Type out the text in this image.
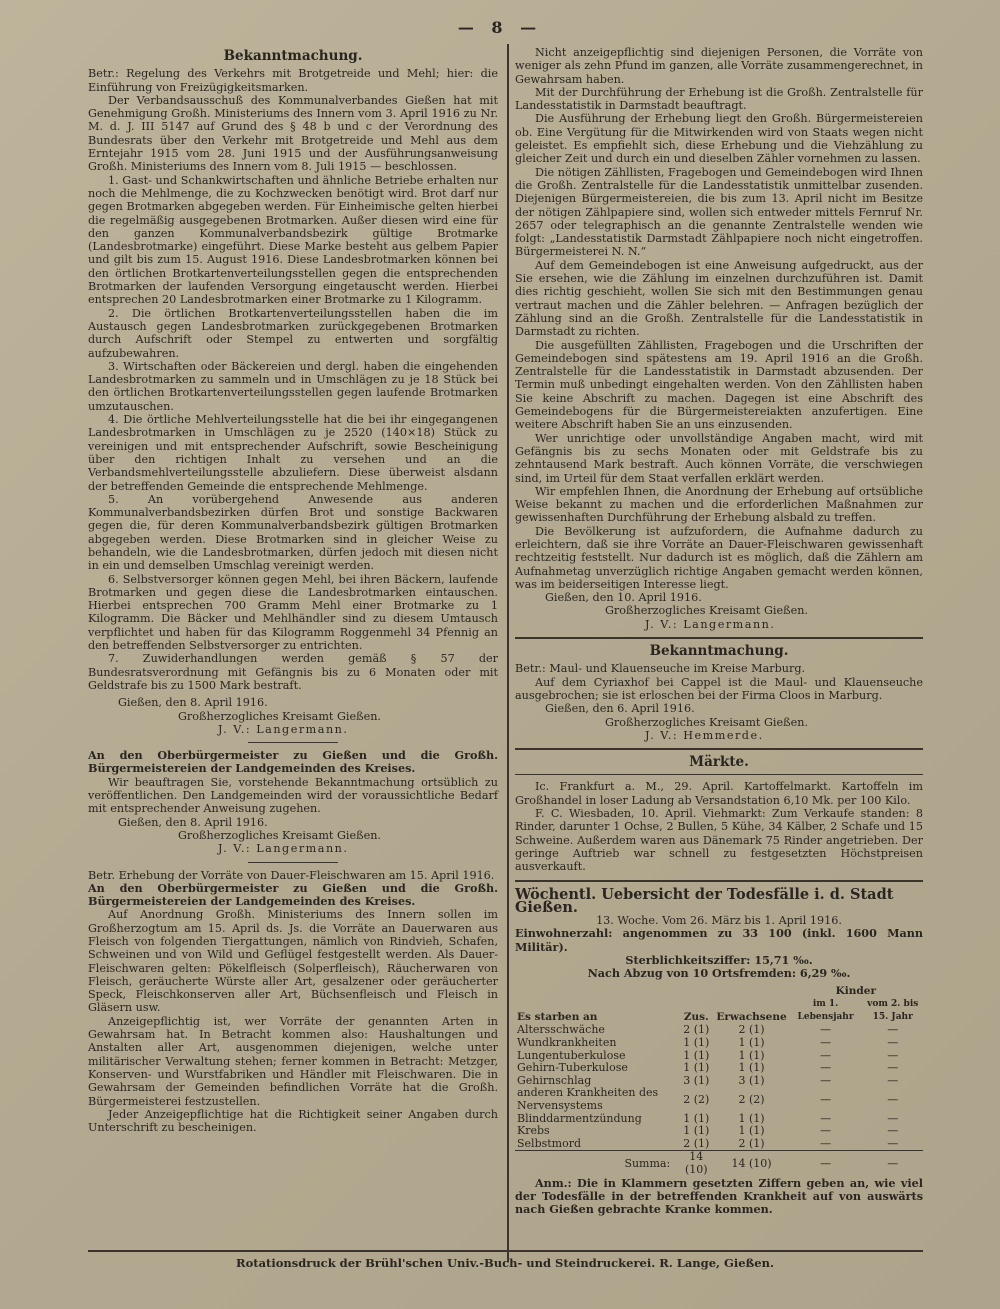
— 8 —
Bekanntmachung.

Betr.: Regelung des Verkehrs mit Brotgetreide und Mehl; hier: die Einführung von Freizügigkeitsmarken.

Der Verbandsausschuß des Kommunalverbandes Gießen hat mit Genehmigung Großh. Ministeriums des Innern vom 3. April 1916 zu Nr. M. d. J. III 5147 auf Grund des § 48 b und c der Verordnung des Bundesrats über den Verkehr mit Brotgetreide und Mehl aus dem Erntejahr 1915 vom 28. Juni 1915 und der Ausführungsanweisung Großh. Ministeriums des Innern vom 8. Juli 1915 — beschlossen.

1. Gast- und Schankwirtschaften und ähnliche Betriebe erhalten nur noch die Mehlmenge, die zu Kochzwecken benötigt wird. Brot darf nur gegen Brotmarken abgegeben werden. Für Einheimische gelten hierbei die regelmäßig ausgegebenen Brotmarken. Außer diesen wird eine für den ganzen Kommunalverbandsbezirk gültige Brotmarke (Landesbrotmarke) eingeführt. Diese Marke besteht aus gelbem Papier und gilt bis zum 15. August 1916. Diese Landesbrotmarken können bei den örtlichen Brotkartenverteilungsstellen gegen die entsprechenden Brotmarken der laufenden Versorgung eingetauscht werden. Hierbei entsprechen 20 Landesbrotmarken einer Brotmarke zu 1 Kilogramm.

2. Die örtlichen Brotkartenverteilungsstellen haben die im Austausch gegen Landesbrotmarken zurückgegebenen Brotmarken durch Aufschrift oder Stempel zu entwerten und sorgfältig aufzubewahren.

3. Wirtschaften oder Bäckereien und dergl. haben die eingehenden Landesbrotmarken zu sammeln und in Umschlägen zu je 18 Stück bei den örtlichen Brotkartenverteilungsstellen gegen laufende Brotmarken umzutauschen.

4. Die örtliche Mehlverteilungsstelle hat die bei ihr eingegangenen Landesbrotmarken in Umschlägen zu je 2520 (140×18) Stück zu vereinigen und mit entsprechender Aufschrift, sowie Bescheinigung über den richtigen Inhalt zu versehen und an die Verbandsmehlverteilungsstelle abzuliefern. Diese überweist alsdann der betreffenden Gemeinde die entsprechende Mehlmenge.

5. An vorübergehend Anwesende aus anderen Kommunalverbandsbezirken dürfen Brot und sonstige Backwaren gegen die, für deren Kommunalverbandsbezirk gültigen Brotmarken abgegeben werden. Diese Brotmarken sind in gleicher Weise zu behandeln, wie die Landesbrotmarken, dürfen jedoch mit diesen nicht in ein und demselben Umschlag vereinigt werden.

6. Selbstversorger können gegen Mehl, bei ihren Bäckern, laufende Brotmarken und gegen diese die Landesbrotmarken eintauschen. Hierbei entsprechen 700 Gramm Mehl einer Brotmarke zu 1 Kilogramm. Die Bäcker und Mehlhändler sind zu diesem Umtausch verpflichtet und haben für das Kilogramm Roggenmehl 34 Pfennig an den betreffenden Selbstversorger zu entrichten.

7. Zuwiderhandlungen werden gemäß § 57 der Bundesratsverordnung mit Gefängnis bis zu 6 Monaten oder mit Geldstrafe bis zu 1500 Mark bestraft.

Gießen, den 8. April 1916.

Großherzogliches Kreisamt Gießen.

J. V.: Langermann.

An den Oberbürgermeister zu Gießen und die Großh. Bürgermeistereien der Landgemeinden des Kreises.

Wir beauftragen Sie, vorstehende Bekanntmachung ortsüblich zu veröffentlichen. Den Landgemeinden wird der voraussichtliche Bedarf mit entsprechender Anweisung zugehen.

Gießen, den 8. April 1916.

Großherzogliches Kreisamt Gießen.

J. V.: Langermann.

Betr. Erhebung der Vorräte von Dauer-Fleischwaren am 15. April 1916.

An den Oberbürgermeister zu Gießen und die Großh. Bürgermeistereien der Landgemeinden des Kreises.

Auf Anordnung Großh. Ministeriums des Innern sollen im Großherzogtum am 15. April ds. Js. die Vorräte an Dauerwaren aus Fleisch von folgenden Tiergattungen, nämlich von Rindvieh, Schafen, Schweinen und von Wild und Geflügel festgestellt werden. Als Dauer-Fleischwaren gelten: Pökelfleisch (Solperfleisch), Räucherwaren von Fleisch, geräucherte Würste aller Art, gesalzener oder geräucherter Speck, Fleischkonserven aller Art, Büchsenfleisch und Fleisch in Gläsern usw.

Anzeigepflichtig ist, wer Vorräte der genannten Arten in Gewahrsam hat. In Betracht kommen also: Haushaltungen und Anstalten aller Art, ausgenommen diejenigen, welche unter militärischer Verwaltung stehen; ferner kommen in Betracht: Metzger, Konserven- und Wurstfabriken und Händler mit Fleischwaren. Die in Gewahrsam der Gemeinden befindlichen Vorräte hat die Großh. Bürgermeisterei festzustellen.

Jeder Anzeigepflichtige hat die Richtigkeit seiner Angaben durch Unterschrift zu bescheinigen.

Nicht anzeigepflichtig sind diejenigen Personen, die Vorräte von weniger als zehn Pfund im ganzen, alle Vorräte zusammengerechnet, in Gewahrsam haben.

Mit der Durchführung der Erhebung ist die Großh. Zentralstelle für Landesstatistik in Darmstadt beauftragt.

Die Ausführung der Erhebung liegt den Großh. Bürgermeistereien ob. Eine Vergütung für die Mitwirkenden wird von Staats wegen nicht geleistet. Es empfiehlt sich, diese Erhebung und die Viehzählung zu gleicher Zeit und durch ein und dieselben Zähler vornehmen zu lassen.

Die nötigen Zähllisten, Fragebogen und Gemeindebogen wird Ihnen die Großh. Zentralstelle für die Landesstatistik unmittelbar zusenden. Diejenigen Bürgermeistereien, die bis zum 13. April nicht im Besitze der nötigen Zählpapiere sind, wollen sich entweder mittels Fernruf Nr. 2657 oder telegraphisch an die genannte Zentralstelle wenden wie folgt: „Landesstatistik Darmstadt Zählpapiere noch nicht eingetroffen. Bürgermeisterei N. N.“

Auf dem Gemeindebogen ist eine Anweisung aufgedruckt, aus der Sie ersehen, wie die Zählung im einzelnen durchzuführen ist. Damit dies richtig geschieht, wollen Sie sich mit den Bestimmungen genau vertraut machen und die Zähler belehren. — Anfragen bezüglich der Zählung sind an die Großh. Zentralstelle für die Landesstatistik in Darmstadt zu richten.

Die ausgefüllten Zähllisten, Fragebogen und die Urschriften der Gemeindebogen sind spätestens am 19. April 1916 an die Großh. Zentralstelle für die Landesstatistik in Darmstadt abzusenden. Der Termin muß unbedingt eingehalten werden. Von den Zähllisten haben Sie keine Abschrift zu machen. Dagegen ist eine Abschrift des Gemeindebogens für die Bürgermeistereiakten anzufertigen. Eine weitere Abschrift haben Sie an uns einzusenden.

Wer unrichtige oder unvollständige Angaben macht, wird mit Gefängnis bis zu sechs Monaten oder mit Geldstrafe bis zu zehntausend Mark bestraft. Auch können Vorräte, die verschwiegen sind, im Urteil für dem Staat verfallen erklärt werden.

Wir empfehlen Ihnen, die Anordnung der Erhebung auf ortsübliche Weise bekannt zu machen und die erforderlichen Maßnahmen zur gewissenhaften Durchführung der Erhebung alsbald zu treffen.

Die Bevölkerung ist aufzufordern, die Aufnahme dadurch zu erleichtern, daß sie ihre Vorräte an Dauer-Fleischwaren gewissenhaft rechtzeitig feststellt. Nur dadurch ist es möglich, daß die Zählern am Aufnahmetag unverzüglich richtige Angaben gemacht werden können, was im beiderseitigen Interesse liegt.

Gießen, den 10. April 1916.

Großherzogliches Kreisamt Gießen.

J. V.: Langermann.

Bekanntmachung.

Betr.: Maul- und Klauenseuche im Kreise Marburg.

Auf dem Cyriaxhof bei Cappel ist die Maul- und Klauenseuche ausgebrochen; sie ist erloschen bei der Firma Cloos in Marburg.

Gießen, den 6. April 1916.

Großherzogliches Kreisamt Gießen.

J. V.: Hemmerde.

Märkte.

Ic. Frankfurt a. M., 29. April. Kartoffelmarkt. Kartoffeln im Großhandel in loser Ladung ab Versandstation 6,10 Mk. per 100 Kilo.

F. C. Wiesbaden, 10. April. Viehmarkt: Zum Verkaufe standen: 8 Rinder, darunter 1 Ochse, 2 Bullen, 5 Kühe, 34 Kälber, 2 Schafe und 15 Schweine. Außerdem waren aus Dänemark 75 Rinder angetrieben. Der geringe Auftrieb war schnell zu festgesetzten Höchstpreisen ausverkauft.

Wöchentl. Uebersicht der Todesfälle i. d. Stadt Gießen.

13. Woche. Vom 26. März bis 1. April 1916.

Einwohnerzahl: angenommen zu 33 100 (inkl. 1600 Mann Militär).

Sterblichkeitsziffer: 15,71 ‰.

Nach Abzug von 10 Ortsfremden: 6,29 ‰.

Es starben an	Zus.	Erwachsene	Kinder	
			im 1. Lebensjahr	vom 2. bis 15. Jahr
Altersschwäche	2 (1)	2 (1)	—	—
Wundkrankheiten	1 (1)	1 (1)	—	—
Lungentuberkulose	1 (1)	1 (1)	—	—
Gehirn-Tuberkulose	1 (1)	1 (1)	—	—
Gehirnschlag	3 (1)	3 (1)	—	—
anderen Krankheiten des Nervensystems	2 (2)	2 (2)	—	—
Blinddarmentzündung	1 (1)	1 (1)	—	—
Krebs	1 (1)	1 (1)	—	—
Selbstmord	2 (1)	2 (1)	—	—
Summa:	14 (10)	14 (10)	—	—

Anm.: Die in Klammern gesetzten Ziffern geben an, wie viel der Todesfälle in der betreffenden Krankheit auf von auswärts nach Gießen gebrachte Kranke kommen.

Rotationsdruck der Brühl'schen Univ.-Buch- und Steindruckerei. R. Lange, Gießen.
